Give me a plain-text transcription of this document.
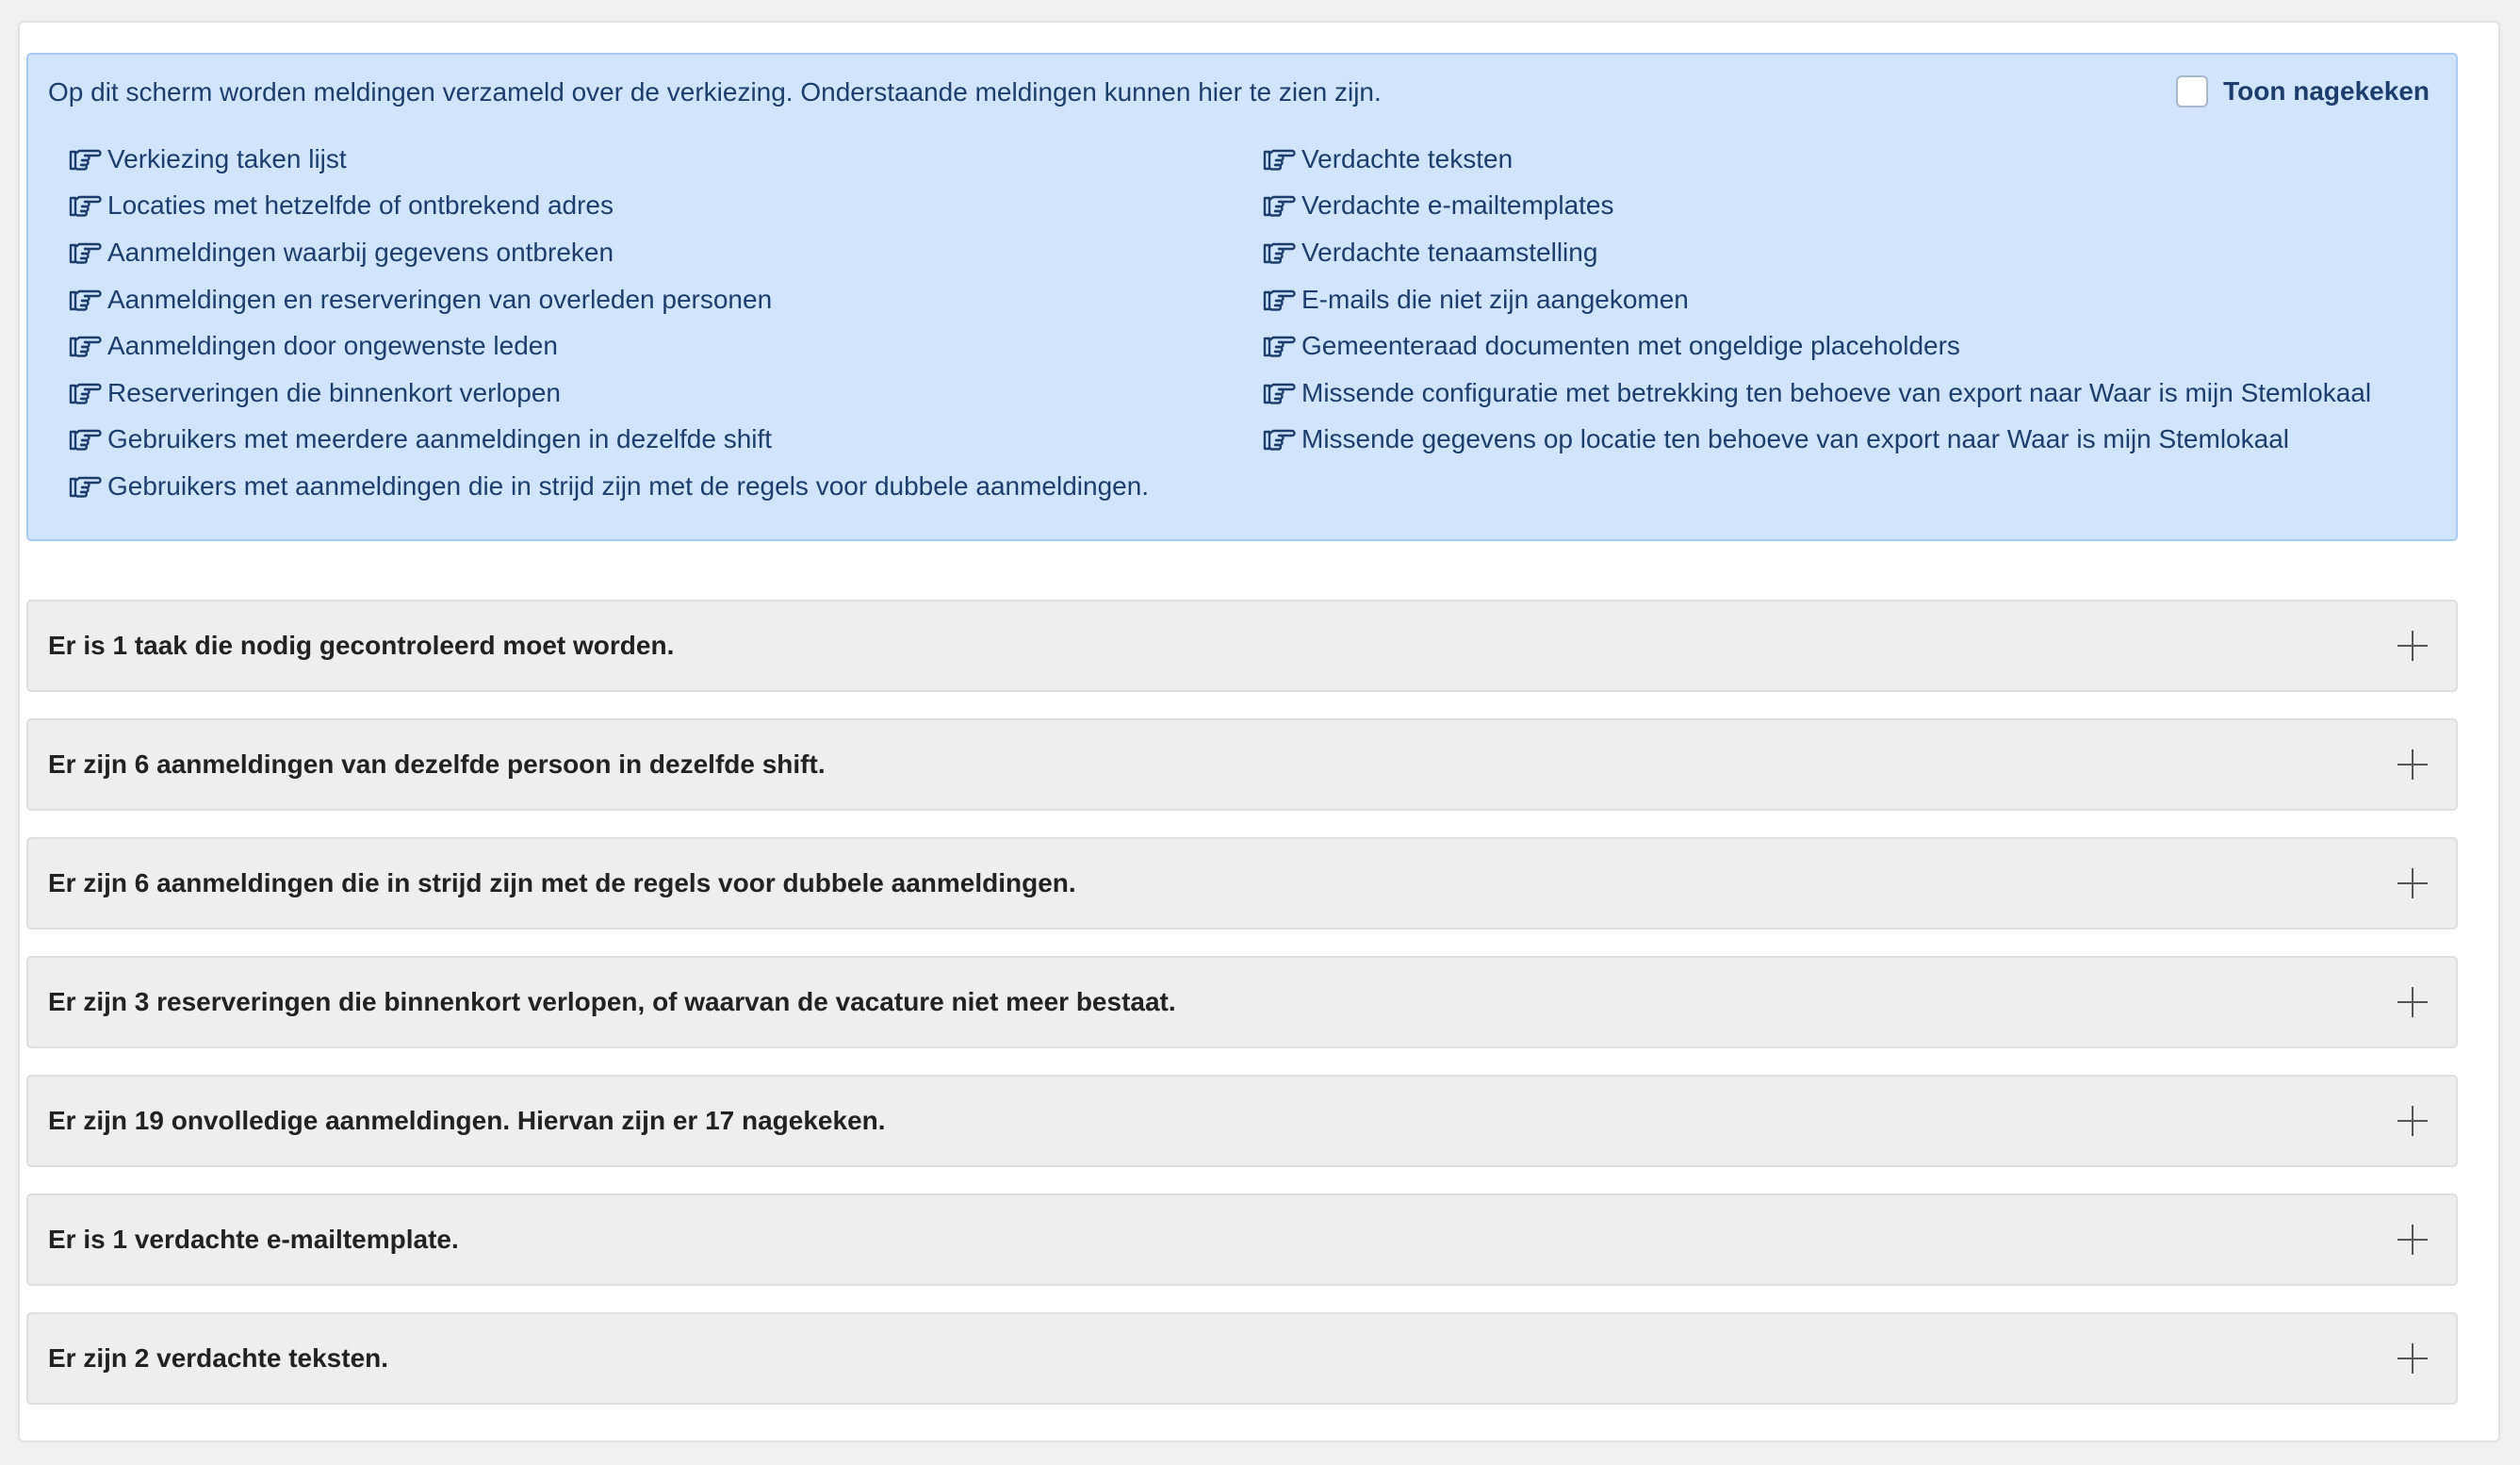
Op dit scherm worden meldingen verzameld over de verkiezing. Onderstaande meldingen kunnen hier te zien zijn.	Toon nagekeken
Verkiezing taken lijst
Locaties met hetzelfde of ontbrekend adres
Aanmeldingen waarbij gegevens ontbreken
Aanmeldingen en reserveringen van overleden personen
Aanmeldingen door ongewenste leden
Reserveringen die binnenkort verlopen
Gebruikers met meerdere aanmeldingen in dezelfde shift
Gebruikers met aanmeldingen die in strijd zijn met de regels voor dubbele aanmeldingen.
Verdachte teksten
Verdachte e-mailtemplates
Verdachte tenaamstelling
E-mails die niet zijn aangekomen
Gemeenteraad documenten met ongeldige placeholders
Missende configuratie met betrekking ten behoeve van export naar Waar is mijn Stemlokaal
Missende gegevens op locatie ten behoeve van export naar Waar is mijn Stemlokaal
Er is 1 taak die nodig gecontroleerd moet worden.
Er zijn 6 aanmeldingen van dezelfde persoon in dezelfde shift.
Er zijn 6 aanmeldingen die in strijd zijn met de regels voor dubbele aanmeldingen.
Er zijn 3 reserveringen die binnenkort verlopen, of waarvan de vacature niet meer bestaat.
Er zijn 19 onvolledige aanmeldingen. Hiervan zijn er 17 nagekeken.
Er is 1 verdachte e-mailtemplate.
Er zijn 2 verdachte teksten.
